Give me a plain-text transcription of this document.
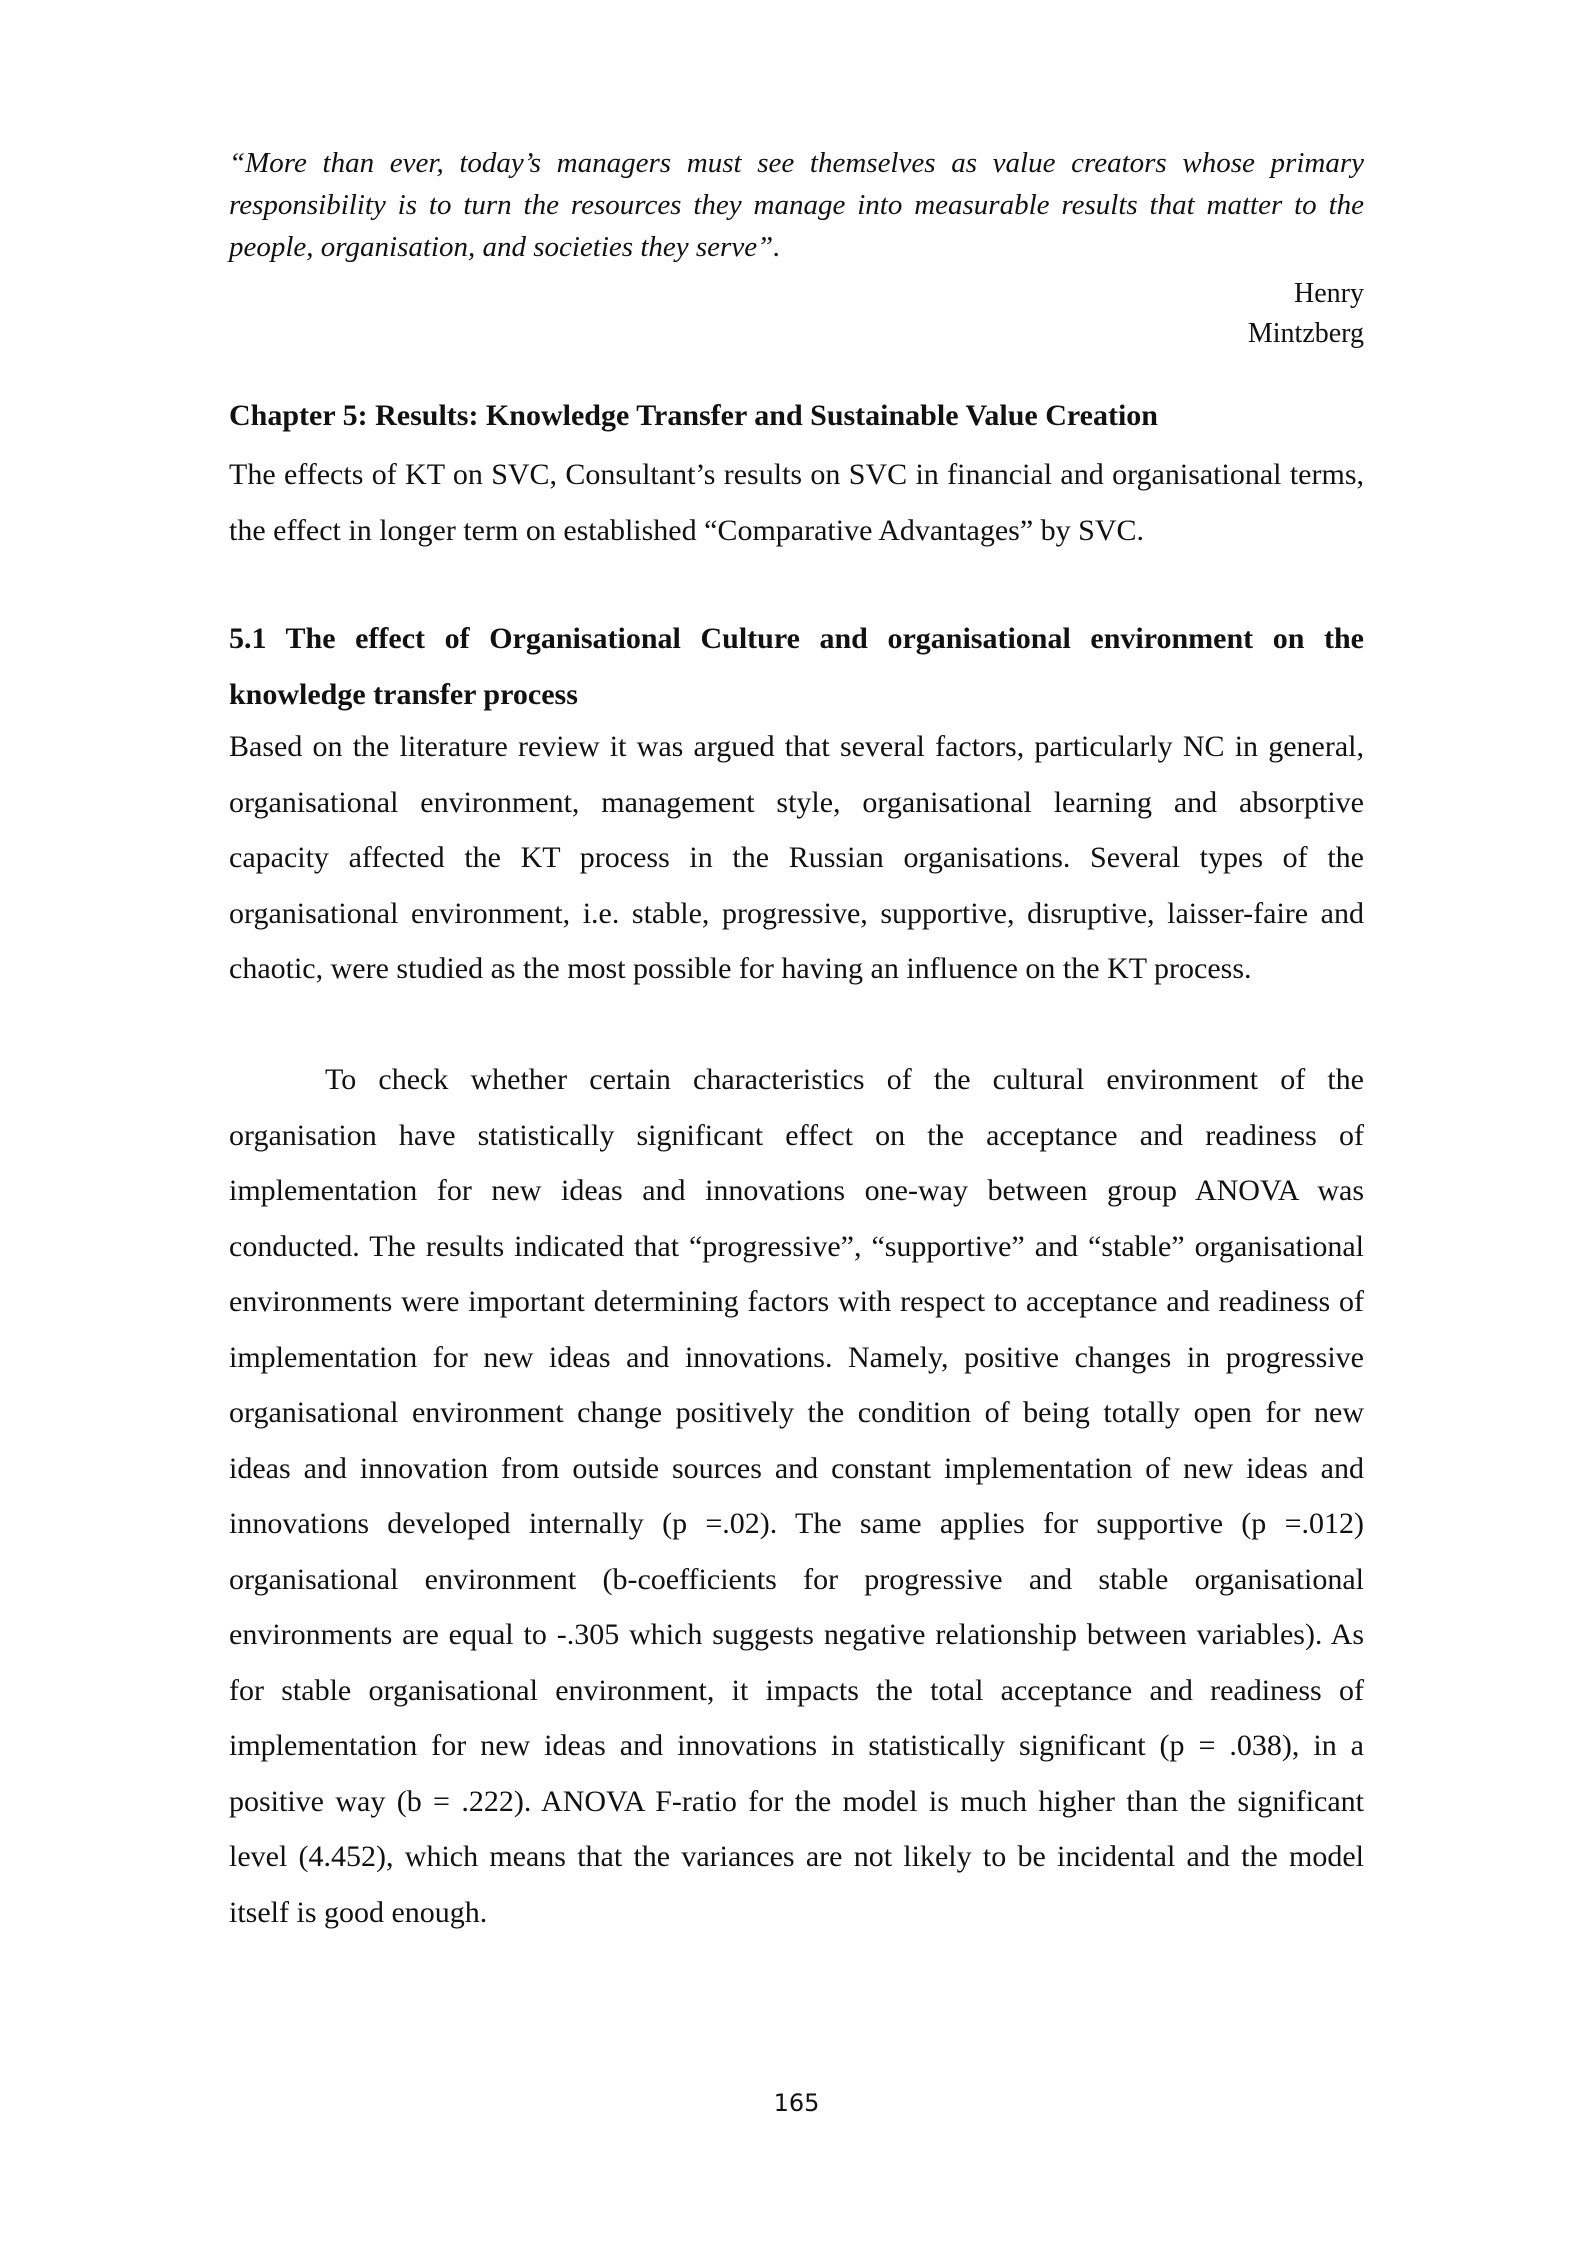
“More than ever, today’s managers must see themselves as value creators whose primary responsibility is to turn the resources they manage into measurable results that matter to the people, organisation, and societies they serve”.

Henry
Mintzberg
Chapter 5: Results: Knowledge Transfer and Sustainable Value Creation

The effects of KT on SVC, Consultant’s results on SVC in financial and organisational terms, the effect in longer term on established “Comparative Advantages” by SVC.

5.1 The effect of Organisational Culture and organisational environment on the knowledge transfer process

Based on the literature review it was argued that several factors, particularly NC in general, organisational environment, management style, organisational learning and absorptive capacity affected the KT process in the Russian organisations. Several types of the organisational environment, i.e. stable, progressive, supportive, disruptive, laisser-faire and chaotic, were studied as the most possible for having an influence on the KT process.

To check whether certain characteristics of the cultural environment of the organisation have statistically significant effect on the acceptance and readiness of implementation for new ideas and innovations one-way between group ANOVA was conducted. The results indicated that “progressive”, “supportive” and “stable” organisational environments were important determining factors with respect to acceptance and readiness of implementation for new ideas and innovations. Namely, positive changes in progressive organisational environment change positively the condition of being totally open for new ideas and innovation from outside sources and constant implementation of new ideas and innovations developed internally (p =.02). The same applies for supportive (p =.012) organisational environment (b-coefficients for progressive and stable organisational environments are equal to -.305 which suggests negative relationship between variables). As for stable organisational environment, it impacts the total acceptance and readiness of implementation for new ideas and innovations in statistically significant (p = .038), in a positive way (b = .222). ANOVA F-ratio for the model is much higher than the significant level (4.452), which means that the variances are not likely to be incidental and the model itself is good enough.

165
